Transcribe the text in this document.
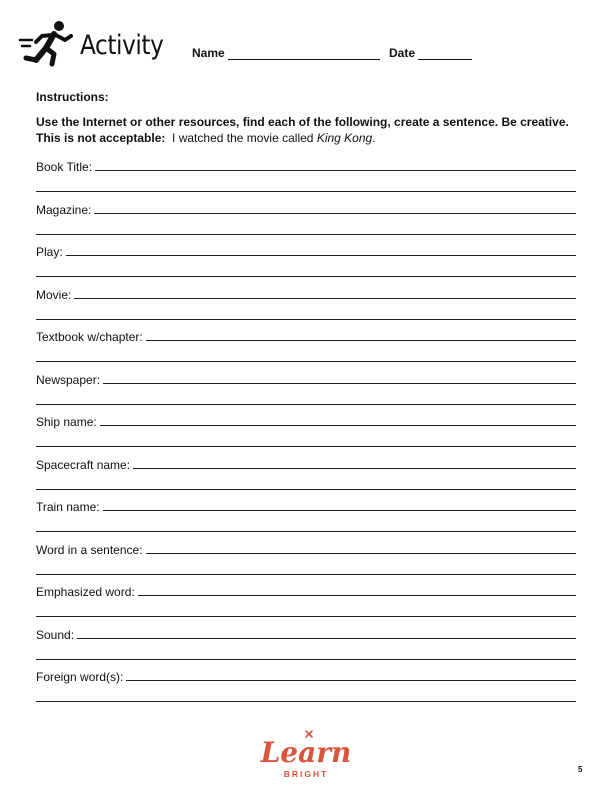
Activity Name	Date
Instructions:
Use the Internet or other resources, find each of the following, create a sentence. Be creative. This is not acceptable: I watched the movie called King Kong.
Book Title:
Magazine:
Play:
Movie:
Textbook w/chapter:
Newspaper:
Ship name:
Spacecraft name:
Train name:
Word in a sentence:
Emphasized word:
Sound:
Foreign word(s):
Learn
BRIGHT	5
